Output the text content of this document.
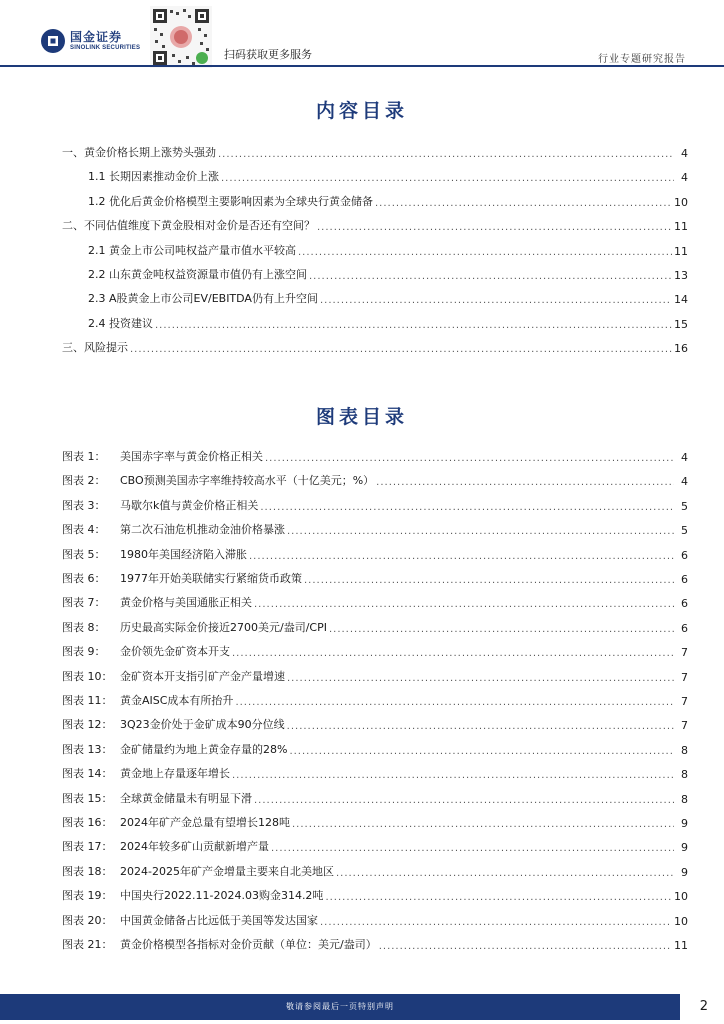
国金证券
SINOLINK SECURITIES	扫码获取更多服务	行业专题研究报告
内容目录
一、黄金价格长期上涨势头强劲 .....	4
1.1 长期因素推动金价上涨 .....	4
1.2 优化后黄金价格模型主要影响因素为全球央行黄金储备 .....	10
二、不同估值维度下黄金股相对金价是否还有空间？ .....	11
2.1 黄金上市公司吨权益产量市值水平较高 .....	11
2.2 山东黄金吨权益资源量市值仍有上涨空间 .....	13
2.3 A股黄金上市公司EV/EBITDA仍有上升空间 .....	14
2.4 投资建议 .....	15
三、风险提示 .....	16
图表目录
图表 1：	美国赤字率与黄金价格正相关 .....	4
图表 2：	CBO预测美国赤字率维持较高水平（十亿美元；%） .....	4
图表 3：	马歇尔k值与黄金价格正相关 .....	5
图表 4：	第二次石油危机推动金油价格暴涨 .....	5
图表 5：	1980年美国经济陷入滞胀 .....	6
图表 6：	1977年开始美联储实行紧缩货币政策 .....	6
图表 7：	黄金价格与美国通胀正相关 .....	6
图表 8：	历史最高实际金价接近2700美元/盎司/CPI .....	6
图表 9：	金价领先金矿资本开支 .....	7
图表 10： 金矿资本开支指引矿产金产量增速 .....	7
图表 11： 黄金AISC成本有所抬升 .....	7
图表 12： 3Q23金价处于金矿成本90分位线 .....	7
图表 13： 金矿储量约为地上黄金存量的28% .....	8
图表 14： 黄金地上存量逐年增长 .....	8
图表 15： 全球黄金储量未有明显下滑 .....	8
图表 16： 2024年矿产金总量有望增长128吨 .....	9
图表 17： 2024年较多矿山贡献新增产量 .....	9
图表 18： 2024-2025年矿产金增量主要来自北美地区 .....	9
图表 19： 中国央行2022.11-2024.03购金314.2吨 .....	10
图表 20： 中国黄金储备占比远低于美国等发达国家 .....	10
图表 21： 黄金价格模型各指标对金价贡献（单位：美元/盎司） .....	11
敬请参阅最后一页特别声明	2
